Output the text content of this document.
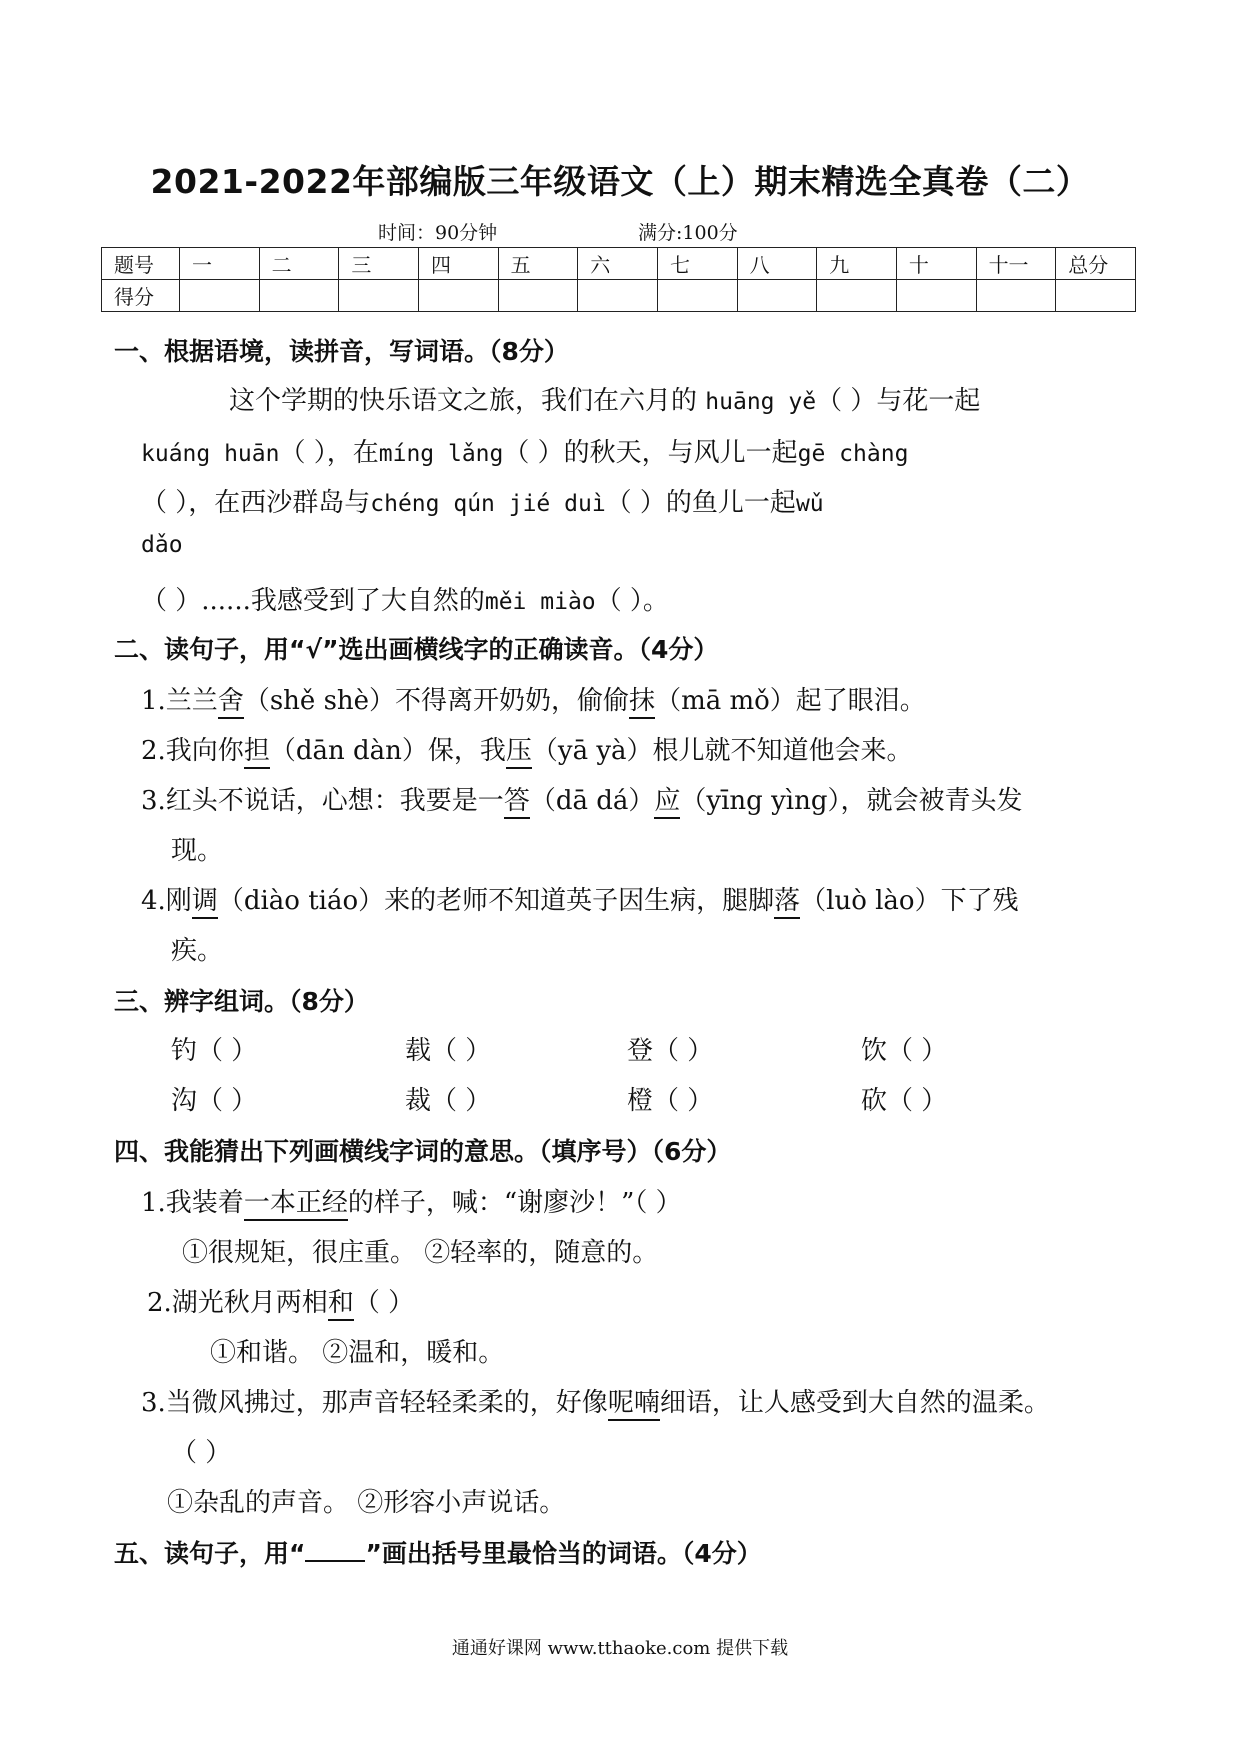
2021-2022年部编版三年级语文（上）期末精选全真卷（二）
时间：90分钟	满分:100分
题号	一	二	三	四	五	六	七	八	九	十	十一	总分
得分												
一、根据语境，读拼音，写词语。（8分）
这个学期的快乐语文之旅，我们在六月的 huāng yě（ ）与花一起
kuáng huān（ ），在míng lǎng（ ）的秋天，与风儿一起gē chàng
（ ），在西沙群岛与chéng qún jié duì（ ）的鱼儿一起wǔ
dǎo
（ ）......我感受到了大自然的měi miào（ ）。
二、读句子，用“√”选出画横线字的正确读音。（4分）
1.兰兰舍（shě shè）不得离开奶奶，偷偷抹（mā mǒ）起了眼泪。
2.我向你担（dān dàn）保，我压（yā yà）根儿就不知道他会来。
3.红头不说话，心想：我要是一答（dā dá）应（yīng yìng），就会被青头发
现。
4.刚调（diào tiáo）来的老师不知道英子因生病，腿脚落（luò lào）下了残
疾。
三、辨字组词。（8分）
钓（ ）	载（ ）	登（ ）	饮（ ）
沟（ ）	裁（ ）	橙（ ）	砍（ ）
四、我能猜出下列画横线字词的意思。（填序号）（6分）
1.我装着一本正经的样子，喊：“谢廖沙！”（ ）
①很规矩，很庄重。 ②轻率的，随意的。
2.湖光秋月两相和（ ）
①和谐。 ②温和，暖和。
3.当微风拂过，那声音轻轻柔柔的，好像呢喃细语，让人感受到大自然的温柔。
（ ）
①杂乱的声音。 ②形容小声说话。
五、读句子，用“ ”画出括号里最恰当的词语。（4分）
通通好课网 www.tthaoke.com 提供下载
